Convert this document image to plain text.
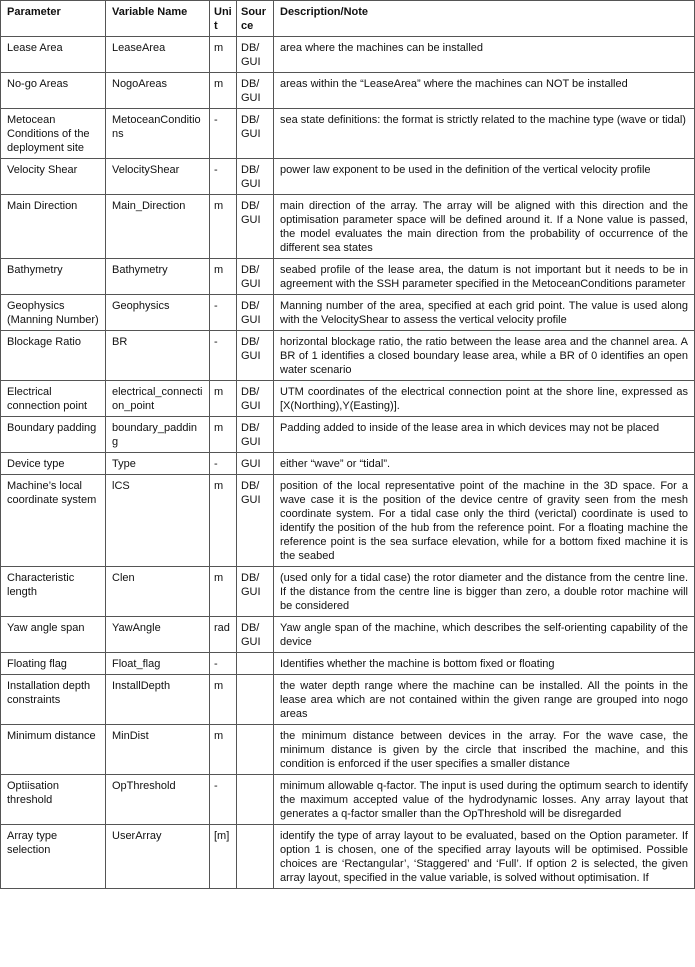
Parameter	Variable Name	Unit	Source	Description/Note
Lease Area	LeaseArea	m	DB/ GUI	area where the machines can be installed
No-go Areas	NogoAreas	m	DB/ GUI	areas within the “LeaseArea” where the machines can NOT be installed
Metocean Conditions of the deployment site	MetoceanConditions	-	DB/ GUI	sea state definitions: the format is strictly related to the machine type (wave or tidal)
Velocity Shear	VelocityShear	-	DB/ GUI	power law exponent to be used in the definition of the vertical velocity profile
Main Direction	Main_Direction	m	DB/ GUI	main direction of the array. The array will be aligned with this direction and the optimisation parameter space will be defined around it. If a None value is passed, the model evaluates the main direction from the probability of occurrence of the different sea states
Bathymetry	Bathymetry	m	DB/ GUI	seabed profile of the lease area, the datum is not important but it needs to be in agreement with the SSH parameter specified in the MetoceanConditions parameter
Geophysics (Manning Number)	Geophysics	-	DB/ GUI	Manning number of the area, specified at each grid point. The value is used along with the VelocityShear to assess the vertical velocity profile
Blockage Ratio	BR	-	DB/ GUI	horizontal blockage ratio, the ratio between the lease area and the channel area. A BR of 1 identifies a closed boundary lease area, while a BR of 0 identifies an open water scenario
Electrical connection point	electrical_connection_point	m	DB/ GUI	UTM coordinates of the electrical connection point at the shore line, expressed as [X(Northing),Y(Easting)].
Boundary padding	boundary_padding	m	DB/ GUI	Padding added to inside of the lease area in which devices may not be placed
Device type	Type	-	GUI	either “wave” or “tidal”.
Machine’s local coordinate system	lCS	m	DB/ GUI	position of the local representative point of the machine in the 3D space. For a wave case it is the position of the device centre of gravity seen from the mesh coordinate system. For a tidal case only the third (verictal) coordinate is used to identify the position of the hub from the reference point. For a floating machine the reference point is the sea surface elevation, while for a bottom fixed machine it is the seabed
Characteristic length	Clen	m	DB/ GUI	(used only for a tidal case) the rotor diameter and the distance from the centre line. If the distance from the centre line is bigger than zero, a double rotor machine will be considered
Yaw angle span	YawAngle	rad	DB/ GUI	Yaw angle span of the machine, which describes the self-orienting capability of the device
Floating flag	Float_flag	-		Identifies whether the machine is bottom fixed or floating
Installation depth constraints	InstallDepth	m		the water depth range where the machine can be installed. All the points in the lease area which are not contained within the given range are grouped into nogo areas
Minimum distance	MinDist	m		the minimum distance between devices in the array. For the wave case, the minimum distance is given by the circle that inscribed the machine, and this condition is enforced if the user specifies a smaller distance
Optiisation threshold	OpThreshold	-		minimum allowable q-factor. The input is used during the optimum search to identify the maximum accepted value of the hydrodynamic losses. Any array layout that generates a q-factor smaller than the OpThreshold will be disregarded
Array type selection	UserArray	[m]		identify the type of array layout to be evaluated, based on the Option parameter. If option 1 is chosen, one of the specified array layouts will be optimised. Possible choices are ‘Rectangular’, ‘Staggered’ and ‘Full’. If option 2 is selected, the given array layout, specified in the value variable, is solved without optimisation. If
